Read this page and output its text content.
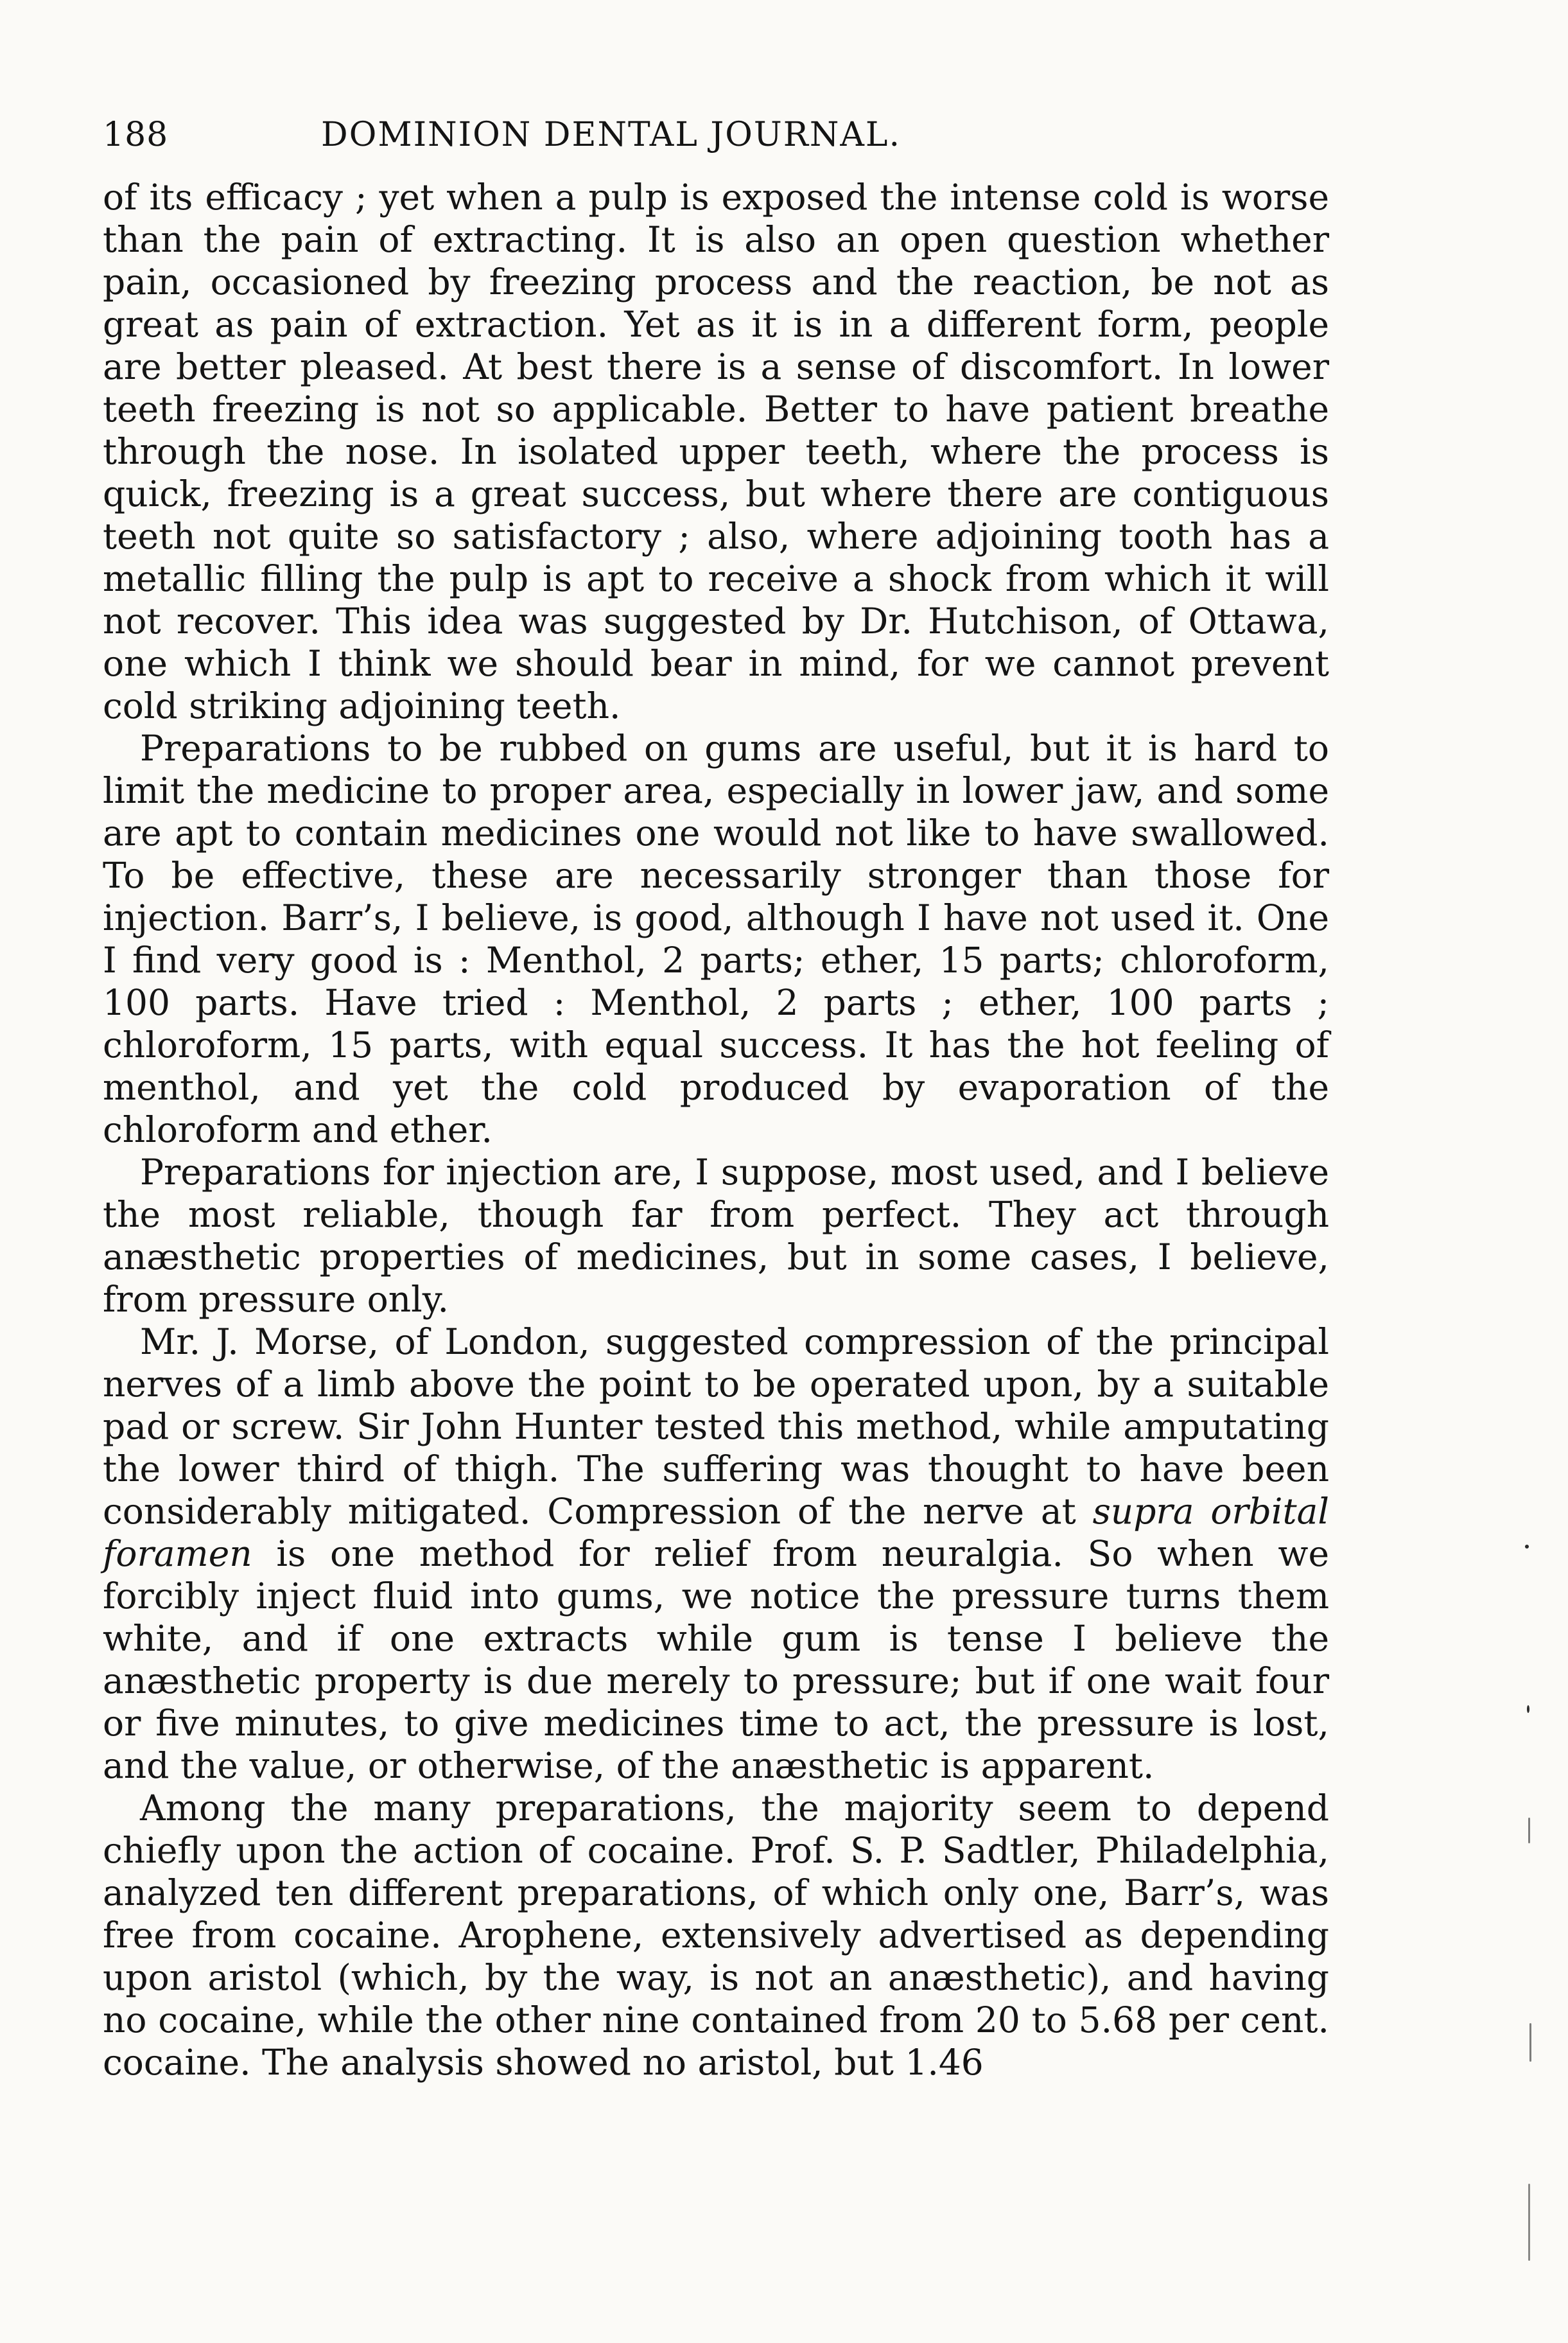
188	DOMINION DENTAL JOURNAL.

of its efficacy ; yet when a pulp is exposed the intense cold is worse than the pain of extracting. It is also an open question whether pain, occasioned by freezing process and the reaction, be not as great as pain of extraction. Yet as it is in a different form, people are better pleased. At best there is a sense of discomfort. In lower teeth freezing is not so applicable. Better to have patient breathe through the nose. In isolated upper teeth, where the process is quick, freezing is a great success, but where there are contiguous teeth not quite so satisfactory ; also, where adjoining tooth has a metallic filling the pulp is apt to receive a shock from which it will not recover. This idea was suggested by Dr. Hutchison, of Ottawa, one which I think we should bear in mind, for we cannot prevent cold striking adjoining teeth.

Preparations to be rubbed on gums are useful, but it is hard to limit the medicine to proper area, especially in lower jaw, and some are apt to contain medicines one would not like to have swallowed. To be effective, these are necessarily stronger than those for injection. Barr’s, I believe, is good, although I have not used it. One I find very good is : Menthol, 2 parts; ether, 15 parts; chloroform, 100 parts. Have tried : Menthol, 2 parts ; ether, 100 parts ; chloroform, 15 parts, with equal success. It has the hot feeling of menthol, and yet the cold produced by evaporation of the chloroform and ether.

Preparations for injection are, I suppose, most used, and I believe the most reliable, though far from perfect. They act through anæsthetic properties of medicines, but in some cases, I believe, from pressure only.

Mr. J. Morse, of London, suggested compression of the principal nerves of a limb above the point to be operated upon, by a suitable pad or screw. Sir John Hunter tested this method, while amputating the lower third of thigh. The suffering was thought to have been considerably mitigated. Compression of the nerve at supra orbital foramen is one method for relief from neuralgia. So when we forcibly inject fluid into gums, we notice the pressure turns them white, and if one extracts while gum is tense I believe the anæsthetic property is due merely to pressure; but if one wait four or five minutes, to give medicines time to act, the pressure is lost, and the value, or otherwise, of the anæsthetic is apparent.

Among the many preparations, the majority seem to depend chiefly upon the action of cocaine. Prof. S. P. Sadtler, Philadelphia, analyzed ten different preparations, of which only one, Barr’s, was free from cocaine. Arophene, extensively advertised as depending upon aristol (which, by the way, is not an anæsthetic), and having no cocaine, while the other nine contained from 20 to 5.68 per cent. cocaine. The analysis showed no aristol, but 1.46
